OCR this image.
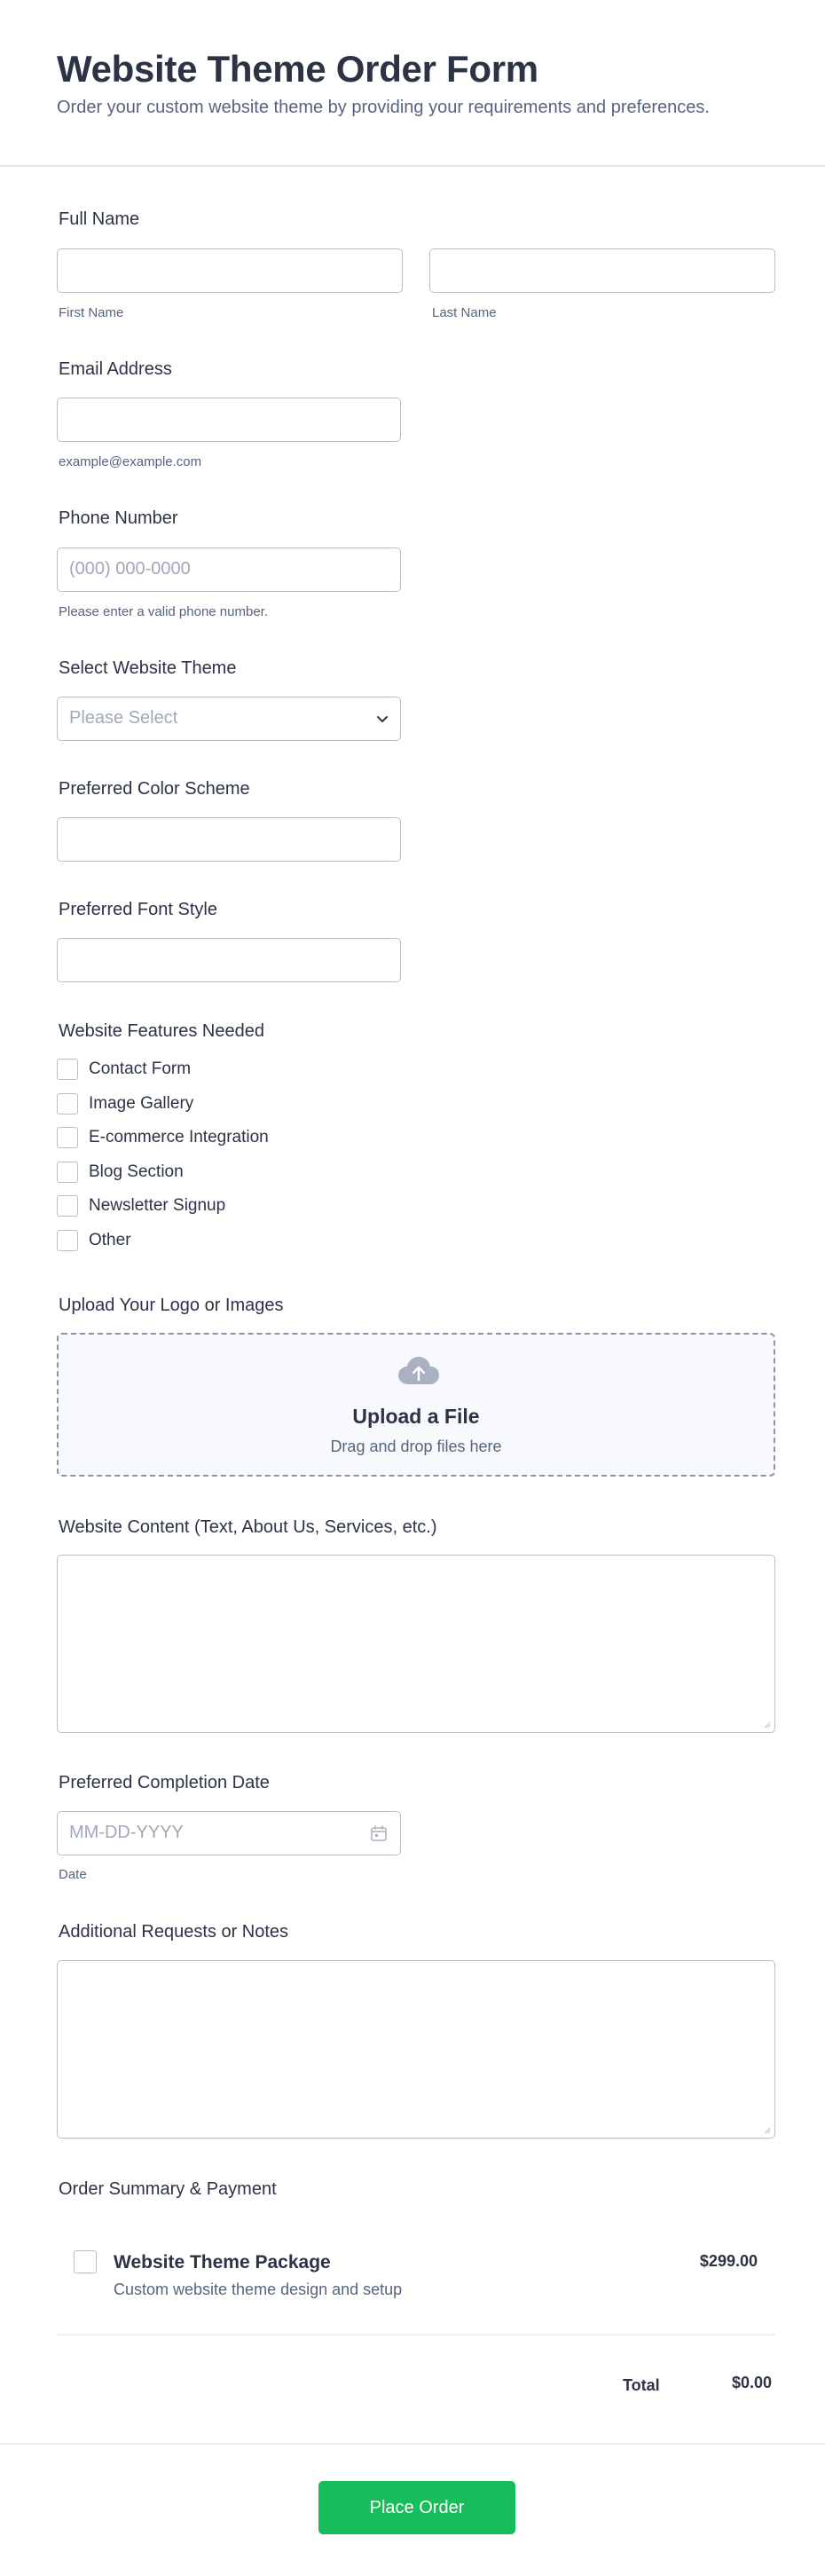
Website Theme Order Form

Order your custom website theme by providing your requirements and preferences.

Full Name
First Name	Last Name
Email Address
example@example.com
Phone Number
(000) 000-0000
Please enter a valid phone number.
Select Website Theme
Please Select
Preferred Color Scheme
Preferred Font Style
Website Features Needed
Contact Form
Image Gallery
E-commerce Integration
Blog Section
Newsletter Signup
Other
Upload Your Logo or Images
Upload a File
Drag and drop files here
Website Content (Text, About Us, Services, etc.)
Preferred Completion Date
MM-DD-YYYY
Date
Additional Requests or Notes
Order Summary & Payment
Website Theme Package
Custom website theme design and setup
$299.00
Total	$0.00
Place Order
